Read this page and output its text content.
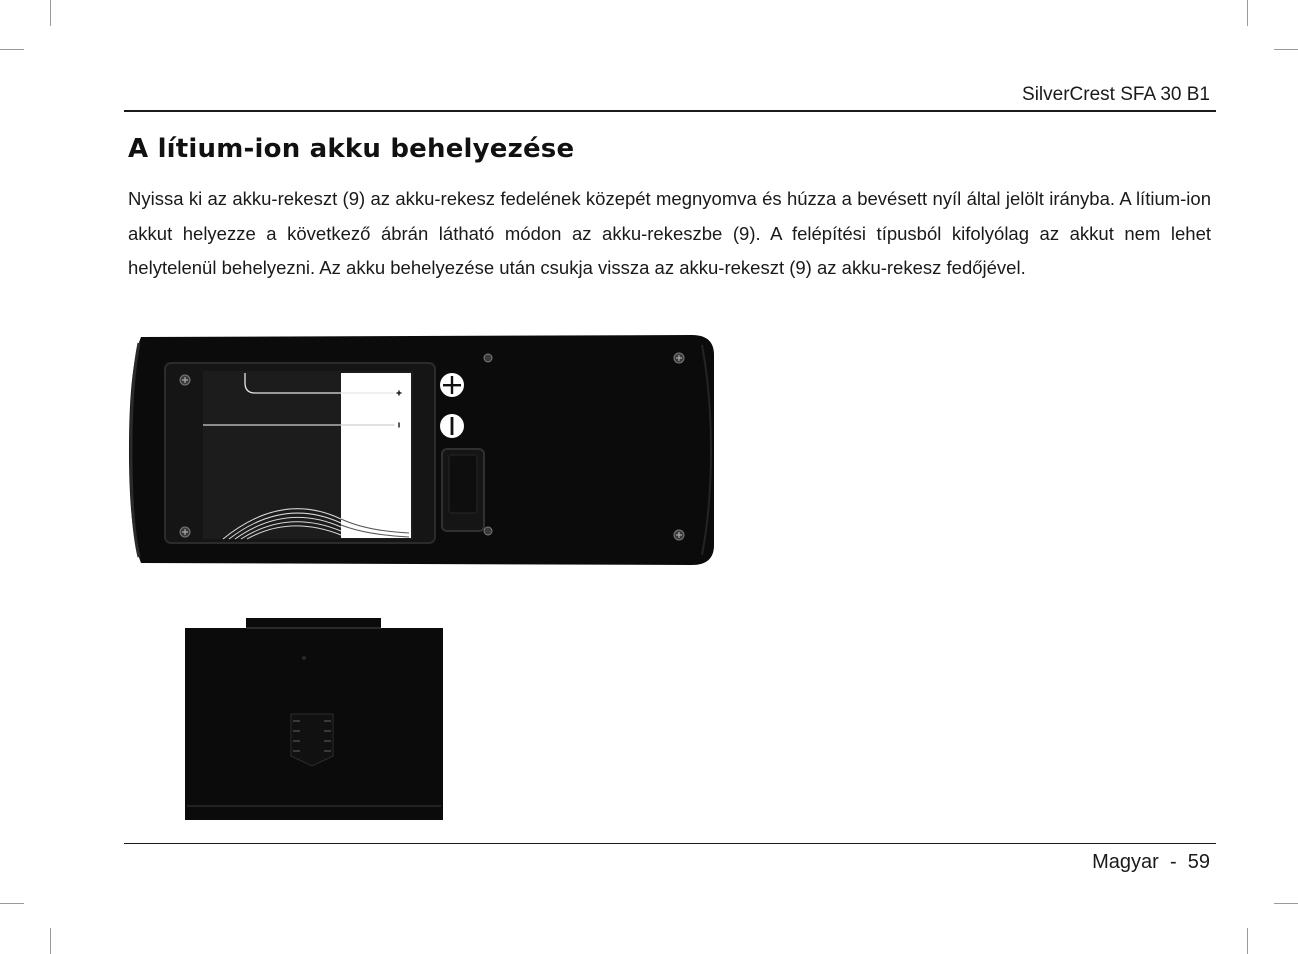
SilverCrest SFA 30 B1
A lítium-ion akku behelyezése

Nyissa ki az akku-rekeszt (9) az akku-rekesz fedelének közepét megnyomva és húzza a bevésett nyíl által jelölt irányba. A lítium-ion akkut helyezze a következő ábrán látható módon az akku-rekeszbe (9). A felépítési típusból kifolyólag az akkut nem lehet helytelenül behelyezni. Az akku behelyezése után csukja vissza az akku-rekeszt (9) az akku-rekesz fedőjével.

Magyar - 59
